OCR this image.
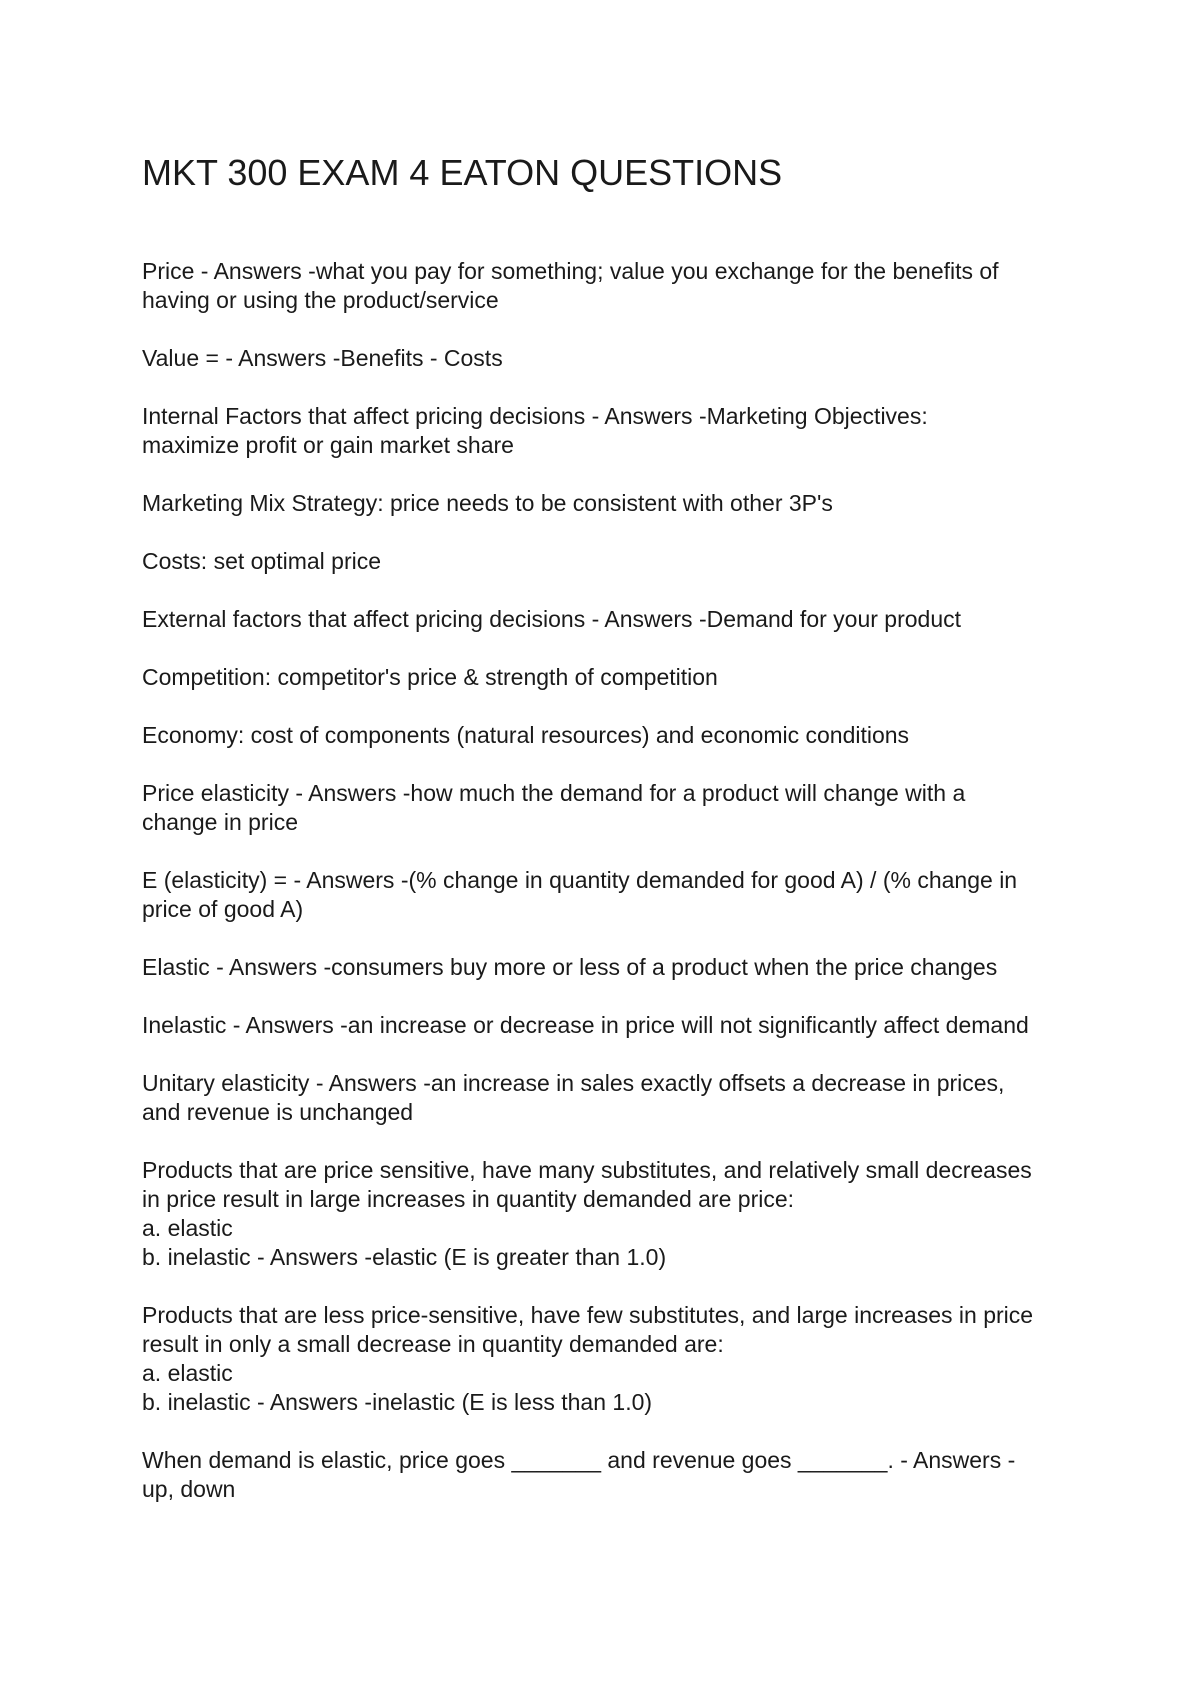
MKT 300 EXAM 4 EATON QUESTIONS

Price - Answers -what you pay for something; value you exchange for the benefits of
having or using the product/service

Value = - Answers -Benefits - Costs

Internal Factors that affect pricing decisions - Answers -Marketing Objectives:
maximize profit or gain market share

Marketing Mix Strategy: price needs to be consistent with other 3P's

Costs: set optimal price

External factors that affect pricing decisions - Answers -Demand for your product

Competition: competitor's price & strength of competition

Economy: cost of components (natural resources) and economic conditions

Price elasticity - Answers -how much the demand for a product will change with a
change in price

E (elasticity) = - Answers -(% change in quantity demanded for good A) / (% change in
price of good A)

Elastic - Answers -consumers buy more or less of a product when the price changes

Inelastic - Answers -an increase or decrease in price will not significantly affect demand

Unitary elasticity - Answers -an increase in sales exactly offsets a decrease in prices,
and revenue is unchanged

Products that are price sensitive, have many substitutes, and relatively small decreases
in price result in large increases in quantity demanded are price:
a. elastic
b. inelastic - Answers -elastic (E is greater than 1.0)

Products that are less price-sensitive, have few substitutes, and large increases in price
result in only a small decrease in quantity demanded are:
a. elastic
b. inelastic - Answers -inelastic (E is less than 1.0)

When demand is elastic, price goes _______ and revenue goes _______. - Answers -
up, down
